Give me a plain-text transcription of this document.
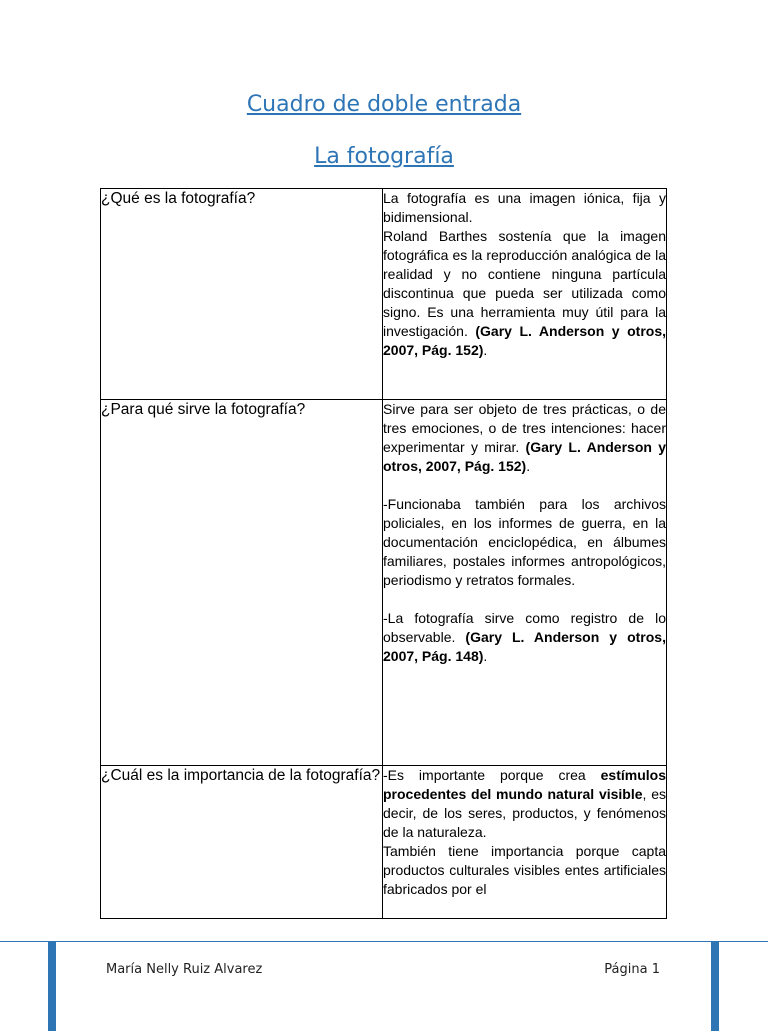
Cuadro de doble entrada
La fotografía
¿Qué es la fotografía?	La fotografía es una imagen iónica, fija y bidimensional.

Roland Barthes sostenía que la imagen fotográfica es la reproducción analógica de la realidad y no contiene ninguna partícula discontinua que pueda ser utilizada como signo. Es una herramienta muy útil para la investigación. (Gary L. Anderson y otros, 2007, Pág. 152).

¿Para qué sirve la fotografía?	Sirve para ser objeto de tres prácticas, o de tres emociones, o de tres intenciones: hacer experimentar y mirar. (Gary L. Anderson y otros, 2007, Pág. 152).

-Funcionaba también para los archivos policiales, en los informes de guerra, en la documentación enciclopédica, en álbumes familiares, postales informes antropológicos, periodismo y retratos formales.

-La fotografía sirve como registro de lo observable. (Gary L. Anderson y otros, 2007, Pág. 148).

¿Cuál es la importancia de la fotografía?	-Es importante porque crea estímulos procedentes del mundo natural visible, es decir, de los seres, productos, y fenómenos de la naturaleza.

También tiene importancia porque capta productos culturales visibles entes artificiales fabricados por el

María Nelly Ruiz Alvarez	Página 1
